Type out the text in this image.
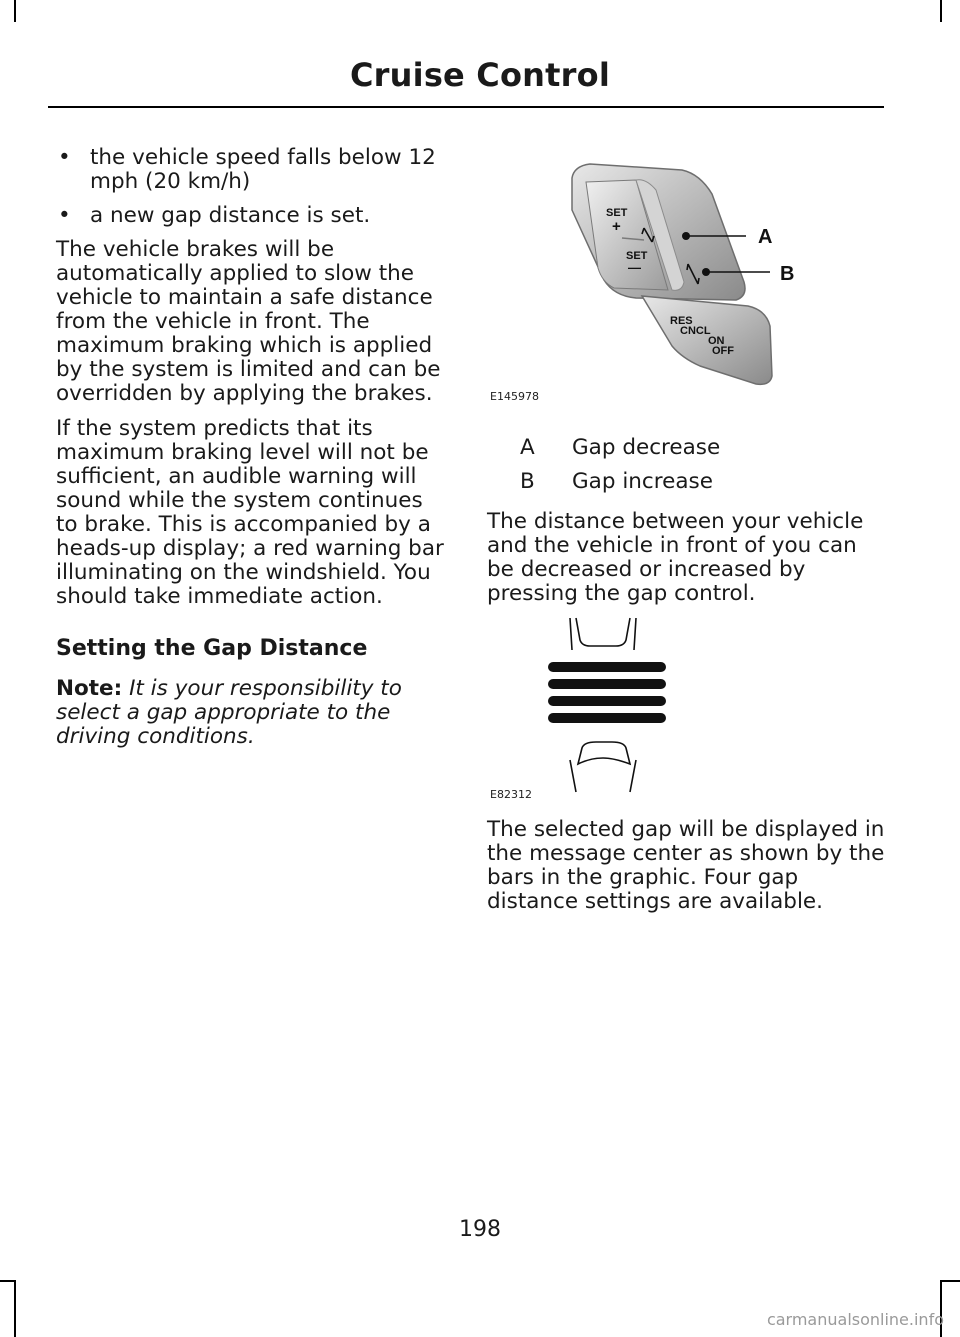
Cruise Control
• the vehicle speed falls below 12 mph (20 km/h)
• a new gap distance is set.

The vehicle brakes will be automatically applied to slow the vehicle to maintain a safe distance from the vehicle in front. The maximum braking which is applied by the system is limited and can be overridden by applying the brakes.

If the system predicts that its maximum braking level will not be sufficient, an audible warning will sound while the system continues to brake. This is accompanied by a heads-up display; a red warning bar illuminating on the windshield. You should take immediate action.

Setting the Gap Distance

Note: It is your responsibility to select a gap appropriate to the driving conditions.

SET
+
SET
—
A
B
RES
CNCL
ON
OFF
E145978
A	Gap decrease
B	Gap increase

The distance between your vehicle and the vehicle in front of you can be decreased or increased by pressing the gap control.

E82312

The selected gap will be displayed in the message center as shown by the bars in the graphic. Four gap distance settings are available.

198
carmanualsonline.info
